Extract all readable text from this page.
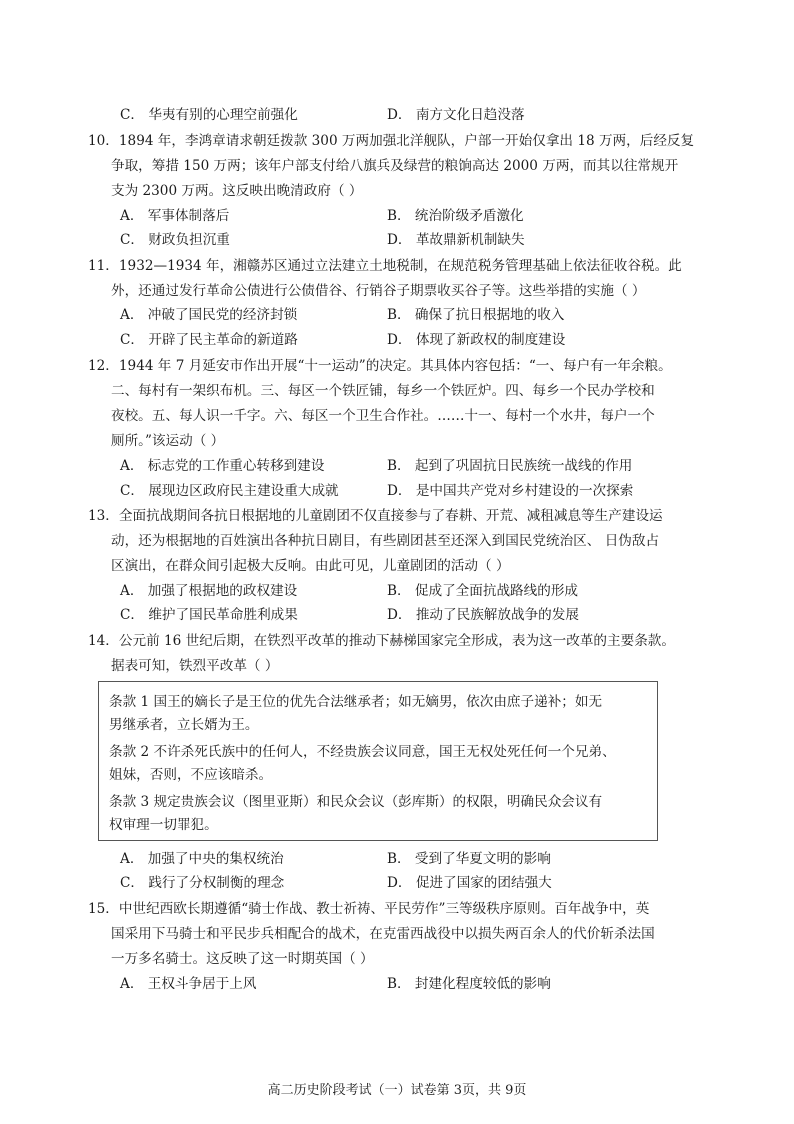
C． 华夷有别的心理空前强化	D． 南方文化日趋没落
10．1894 年，李鸿章请求朝廷拨款 300 万两加强北洋舰队，户部一开始仅拿出 18 万两，后经反复
争取，筹措 150 万两；该年户部支付给八旗兵及绿营的粮饷高达 2000 万两，而其以往常规开
支为 2300 万两。这反映出晚清政府（ ）
A． 军事体制落后	B． 统治阶级矛盾激化
C． 财政负担沉重	D． 革故鼎新机制缺失
11．1932—1934 年，湘赣苏区通过立法建立土地税制，在规范税务管理基础上依法征收谷税。此
外，还通过发行革命公债进行公债借谷、行销谷子期票收买谷子等。这些举措的实施（ ）
A． 冲破了国民党的经济封锁	B． 确保了抗日根据地的收入
C． 开辟了民主革命的新道路	D． 体现了新政权的制度建设
12．1944 年 7 月延安市作出开展“十一运动”的决定。其具体内容包括：“一、每户有一年余粮。
二、每村有一架织布机。三、每区一个铁匠铺，每乡一个铁匠炉。四、每乡一个民办学校和
夜校。五、每人识一千字。六、每区一个卫生合作社。……十一、每村一个水井，每户一个
厕所。”该运动（ ）
A． 标志党的工作重心转移到建设	B． 起到了巩固抗日民族统一战线的作用
C． 展现边区政府民主建设重大成就	D． 是中国共产党对乡村建设的一次探索
13．全面抗战期间各抗日根据地的儿童剧团不仅直接参与了春耕、开荒、减租减息等生产建设运
动，还为根据地的百姓演出各种抗日剧目，有些剧团甚至还深入到国民党统治区、 日伪敌占
区演出，在群众间引起极大反响。由此可见，儿童剧团的活动（ ）
A． 加强了根据地的政权建设	B． 促成了全面抗战路线的形成
C． 维护了国民革命胜利成果	D． 推动了民族解放战争的发展
14．公元前 16 世纪后期，在铁烈平改革的推动下赫梯国家完全形成，表为这一改革的主要条款。
据表可知，铁烈平改革（ ）
条款 1 国王的嫡长子是王位的优先合法继承者；如无嫡男，依次由庶子递补；如无
男继承者，立长婿为王。
条款 2 不许杀死氏族中的任何人，不经贵族会议同意，国王无权处死任何一个兄弟、
姐妹，否则，不应该暗杀。
条款 3 规定贵族会议（图里亚斯）和民众会议（彭库斯）的权限，明确民众会议有
权审理一切罪犯。
A． 加强了中央的集权统治	B． 受到了华夏文明的影响
C． 践行了分权制衡的理念	D． 促进了国家的团结强大
15．中世纪西欧长期遵循“骑士作战、教士祈祷、平民劳作”三等级秩序原则。百年战争中，英
国采用下马骑士和平民步兵相配合的战术，在克雷西战役中以损失两百余人的代价斩杀法国
一万多名骑士。这反映了这一时期英国（ ）
A． 王权斗争居于上风	B． 封建化程度较低的影响
高二历史阶段考试（一）试卷第 3页，共 9页
